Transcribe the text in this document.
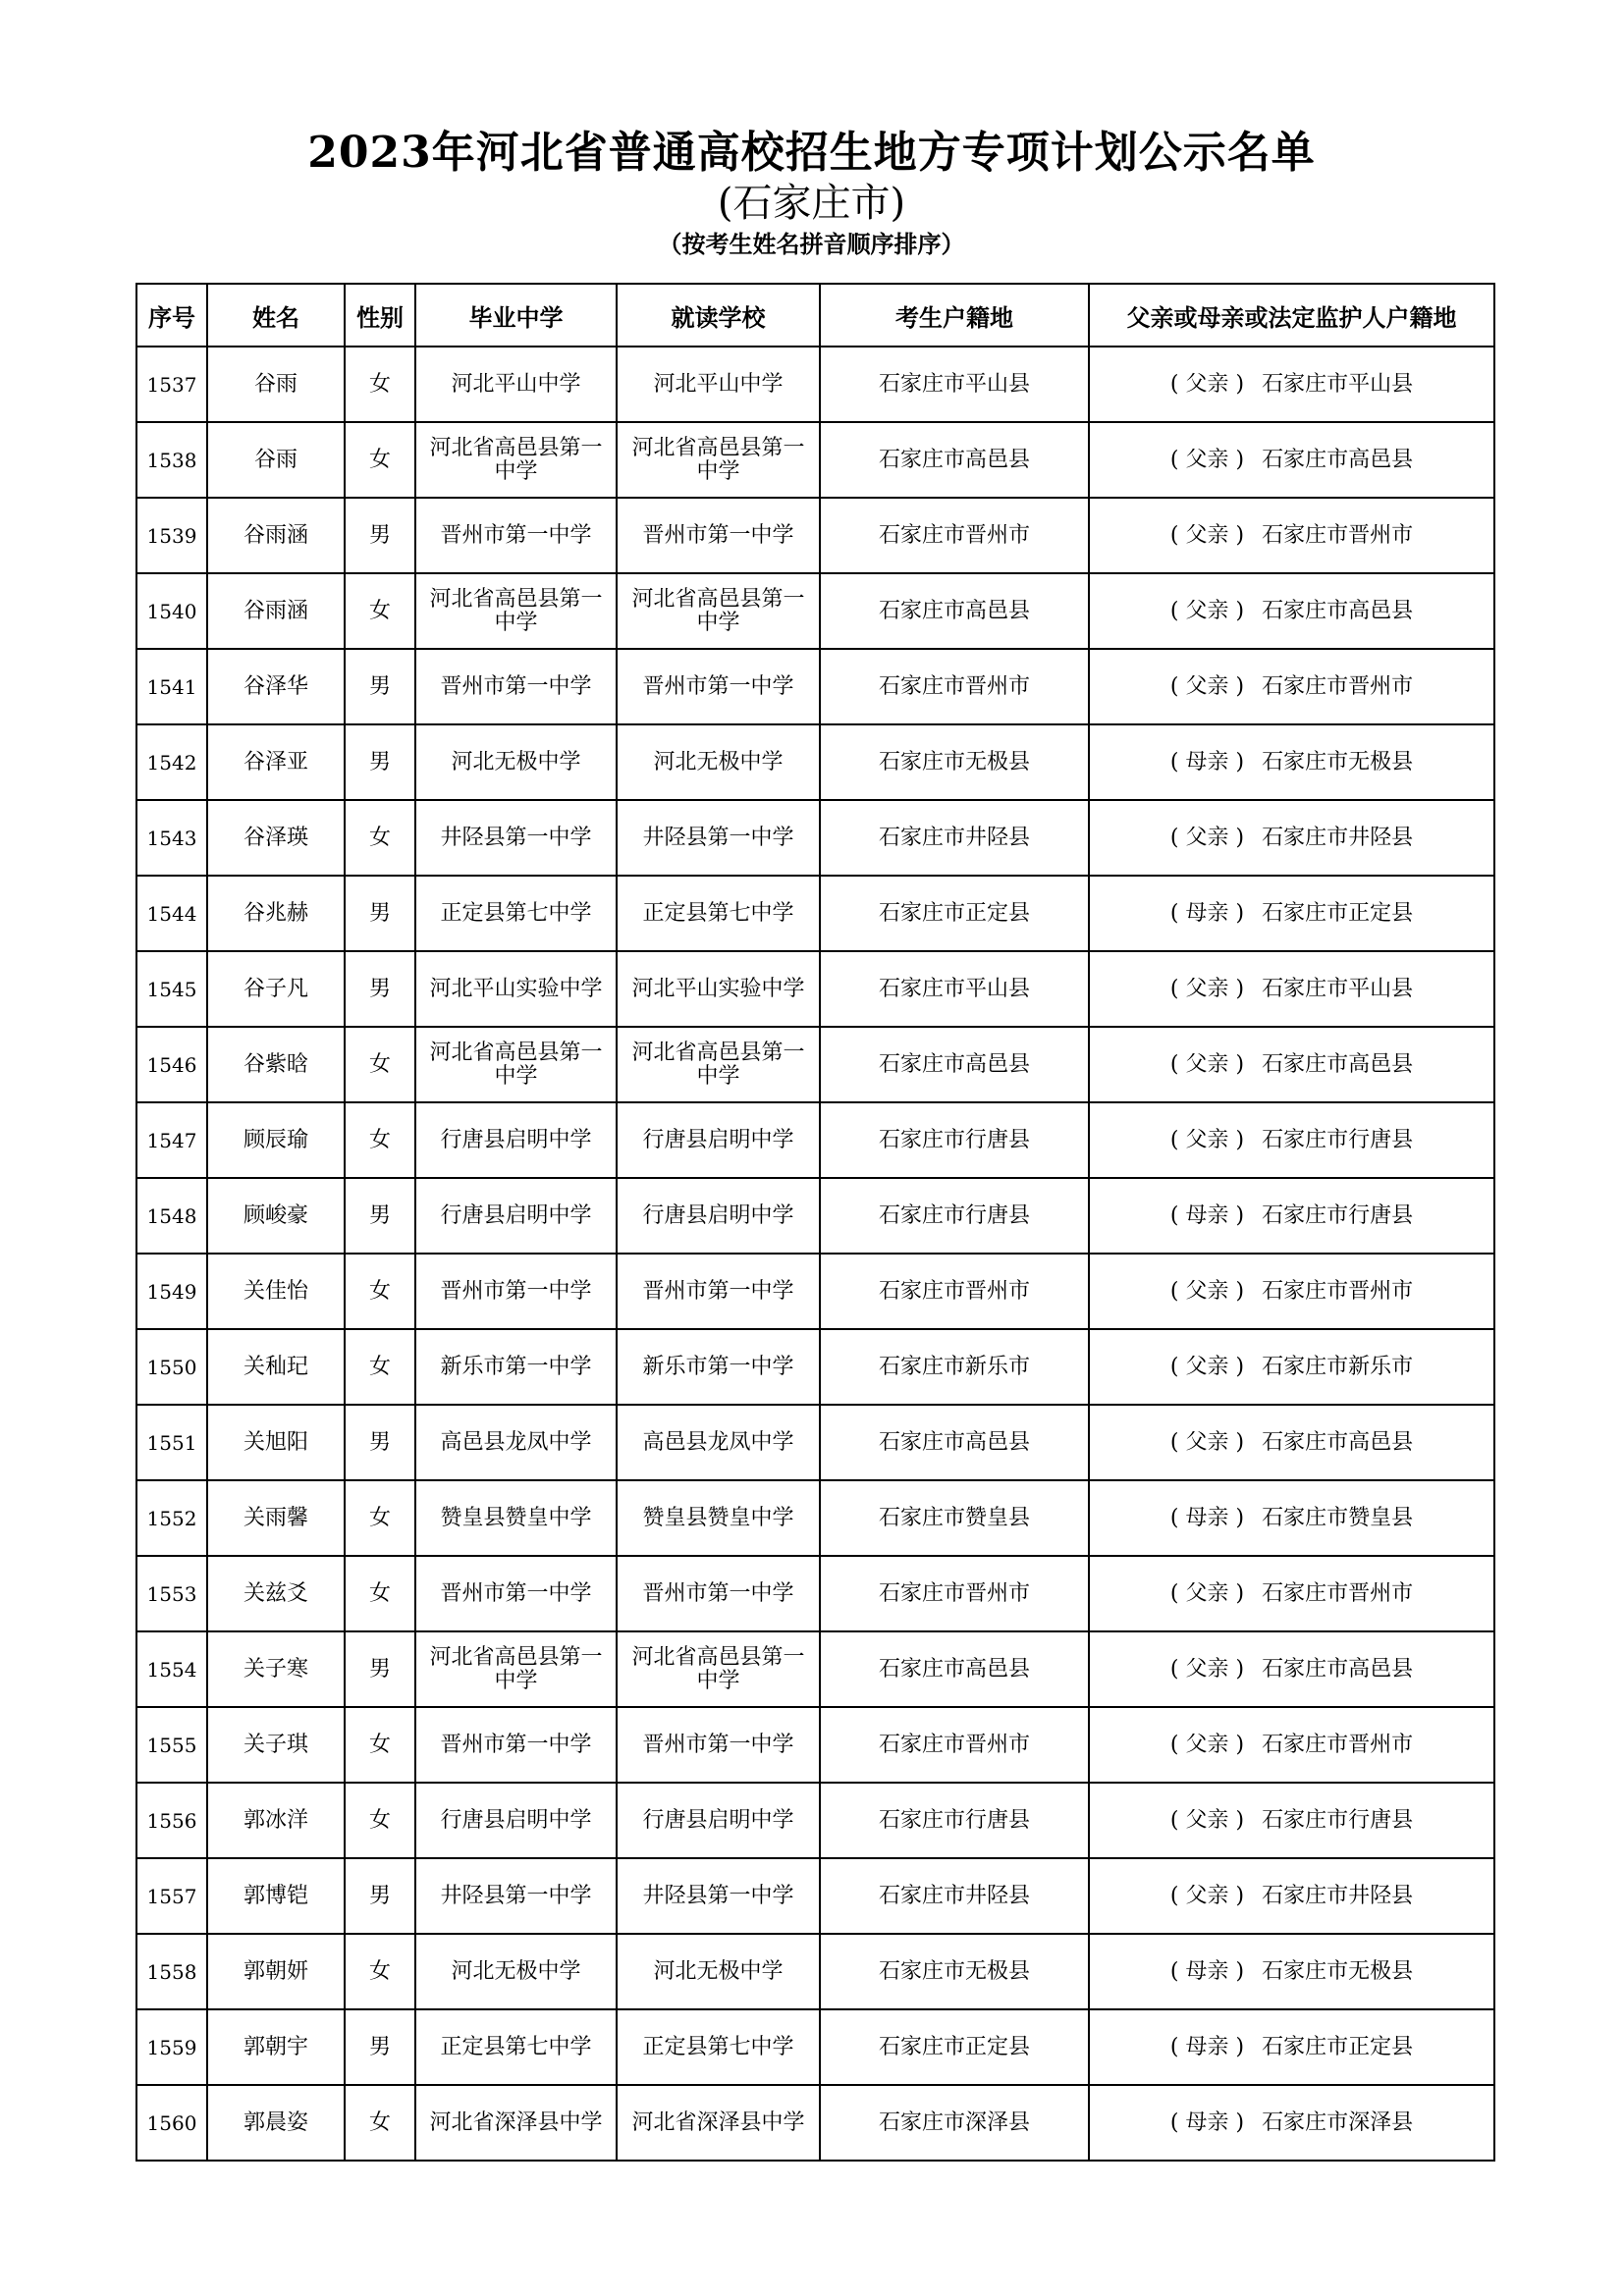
2023年河北省普通高校招生地方专项计划公示名单
(石家庄市)
（按考生姓名拼音顺序排序）
序号	姓名	性别	毕业中学	就读学校	考生户籍地	父亲或母亲或法定监护人户籍地
1537	谷雨	女	河北平山中学	河北平山中学	石家庄市平山县	( 父亲 ) 石家庄市平山县
1538	谷雨	女	河北省高邑县第一中学	河北省高邑县第一中学	石家庄市高邑县	( 父亲 ) 石家庄市高邑县
1539	谷雨涵	男	晋州市第一中学	晋州市第一中学	石家庄市晋州市	( 父亲 ) 石家庄市晋州市
1540	谷雨涵	女	河北省高邑县第一中学	河北省高邑县第一中学	石家庄市高邑县	( 父亲 ) 石家庄市高邑县
1541	谷泽华	男	晋州市第一中学	晋州市第一中学	石家庄市晋州市	( 父亲 ) 石家庄市晋州市
1542	谷泽亚	男	河北无极中学	河北无极中学	石家庄市无极县	( 母亲 ) 石家庄市无极县
1543	谷泽瑛	女	井陉县第一中学	井陉县第一中学	石家庄市井陉县	( 父亲 ) 石家庄市井陉县
1544	谷兆赫	男	正定县第七中学	正定县第七中学	石家庄市正定县	( 母亲 ) 石家庄市正定县
1545	谷子凡	男	河北平山实验中学	河北平山实验中学	石家庄市平山县	( 父亲 ) 石家庄市平山县
1546	谷紫晗	女	河北省高邑县第一中学	河北省高邑县第一中学	石家庄市高邑县	( 父亲 ) 石家庄市高邑县
1547	顾辰瑜	女	行唐县启明中学	行唐县启明中学	石家庄市行唐县	( 父亲 ) 石家庄市行唐县
1548	顾峻豪	男	行唐县启明中学	行唐县启明中学	石家庄市行唐县	( 母亲 ) 石家庄市行唐县
1549	关佳怡	女	晋州市第一中学	晋州市第一中学	石家庄市晋州市	( 父亲 ) 石家庄市晋州市
1550	关秈玘	女	新乐市第一中学	新乐市第一中学	石家庄市新乐市	( 父亲 ) 石家庄市新乐市
1551	关旭阳	男	高邑县龙凤中学	高邑县龙凤中学	石家庄市高邑县	( 父亲 ) 石家庄市高邑县
1552	关雨馨	女	赞皇县赞皇中学	赞皇县赞皇中学	石家庄市赞皇县	( 母亲 ) 石家庄市赞皇县
1553	关兹爻	女	晋州市第一中学	晋州市第一中学	石家庄市晋州市	( 父亲 ) 石家庄市晋州市
1554	关子寒	男	河北省高邑县第一中学	河北省高邑县第一中学	石家庄市高邑县	( 父亲 ) 石家庄市高邑县
1555	关子琪	女	晋州市第一中学	晋州市第一中学	石家庄市晋州市	( 父亲 ) 石家庄市晋州市
1556	郭冰洋	女	行唐县启明中学	行唐县启明中学	石家庄市行唐县	( 父亲 ) 石家庄市行唐县
1557	郭博铠	男	井陉县第一中学	井陉县第一中学	石家庄市井陉县	( 父亲 ) 石家庄市井陉县
1558	郭朝妍	女	河北无极中学	河北无极中学	石家庄市无极县	( 母亲 ) 石家庄市无极县
1559	郭朝宇	男	正定县第七中学	正定县第七中学	石家庄市正定县	( 母亲 ) 石家庄市正定县
1560	郭晨姿	女	河北省深泽县中学	河北省深泽县中学	石家庄市深泽县	( 母亲 ) 石家庄市深泽县
